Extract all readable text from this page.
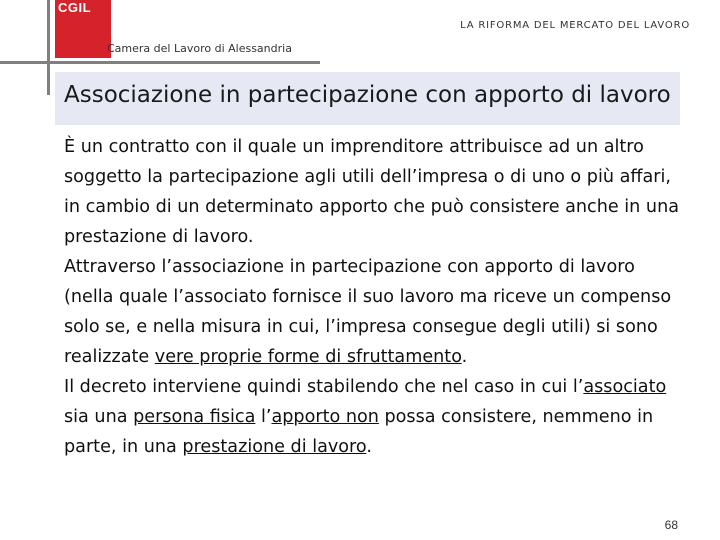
CGIL
Camera del Lavoro di Alessandria
LA RIFORMA DEL MERCATO DEL LAVORO
Associazione in partecipazione con apporto di lavoro

È un contratto con il quale un imprenditore attribuisce ad un altro soggetto la partecipazione agli utili dell’impresa o di uno o più affari, in cambio di un determinato apporto che può consistere anche in una prestazione di lavoro.

Attraverso l’associazione in partecipazione con apporto di lavoro (nella quale l’associato fornisce il suo lavoro ma riceve un compenso solo se, e nella misura in cui, l’impresa consegue degli utili) si sono realizzate vere proprie forme di sfruttamento.

Il decreto interviene quindi stabilendo che nel caso in cui l’associato sia una persona fisica l’apporto non possa consistere, nemmeno in parte, in una prestazione di lavoro.

68
